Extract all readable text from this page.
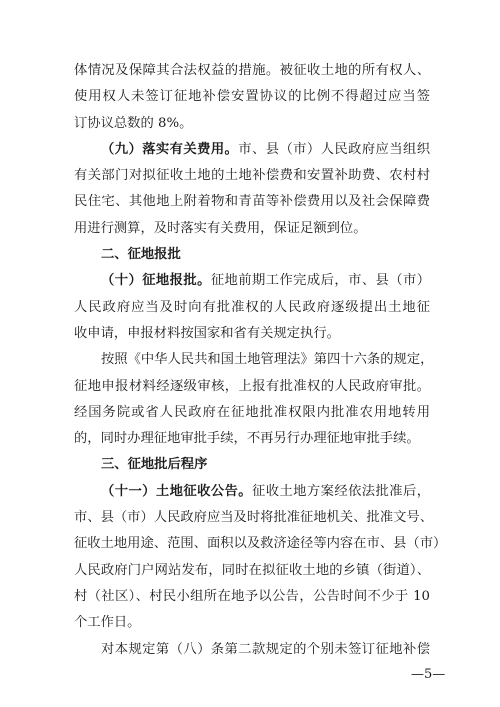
体情况及保障其合法权益的措施。被征收土地的所有权人、
使用权人未签订征地补偿安置协议的比例不得超过应当签
订协议总数的 8%。
（九）落实有关费用。市、县（市）人民政府应当组织
有关部门对拟征收土地的土地补偿费和安置补助费、农村村
民住宅、其他地上附着物和青苗等补偿费用以及社会保障费
用进行测算，及时落实有关费用，保证足额到位。
二、征地报批
（十）征地报批。征地前期工作完成后，市、县（市）
人民政府应当及时向有批准权的人民政府逐级提出土地征
收申请，申报材料按国家和省有关规定执行。
按照《中华人民共和国土地管理法》第四十六条的规定，
征地申报材料经逐级审核，上报有批准权的人民政府审批。
经国务院或省人民政府在征地批准权限内批准农用地转用
的，同时办理征地审批手续，不再另行办理征地审批手续。
三、征地批后程序
（十一）土地征收公告。征收土地方案经依法批准后，
市、县（市）人民政府应当及时将批准征地机关、批准文号、
征收土地用途、范围、面积以及救济途径等内容在市、县（市）
人民政府门户网站发布，同时在拟征收土地的乡镇（街道）、
村（社区）、村民小组所在地予以公告，公告时间不少于 10
个工作日。
对本规定第（八）条第二款规定的个别未签订征地补偿
—5—
